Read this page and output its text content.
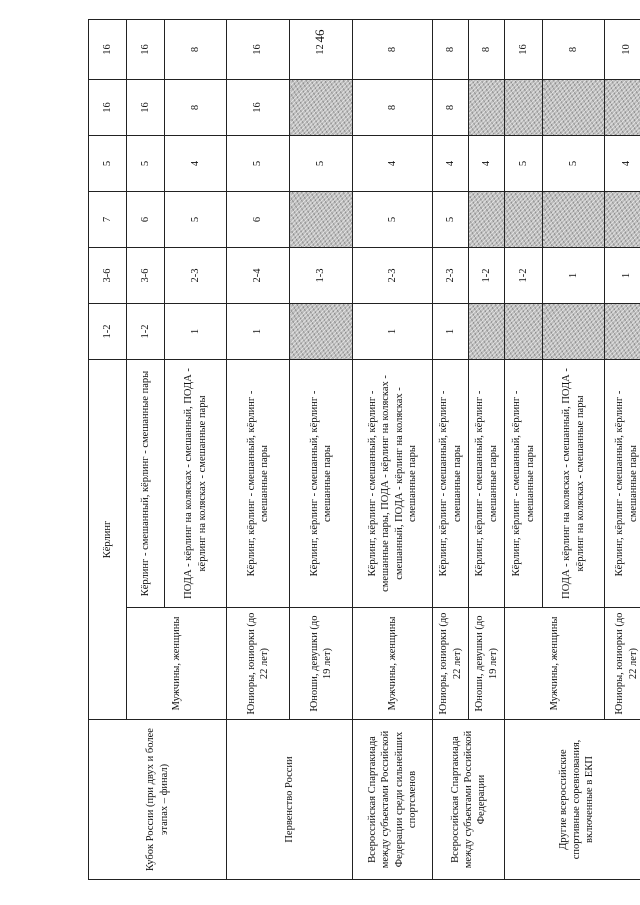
46
Кубок России (при двух и более этапах – финал)	Кёрлинг		1-2	3-6	7	5	16	16
	Мужчины, женщины	Кёрлинг - смешанный, кёрлинг - смешанные пары	1-2	3-6	6	5	16	16
		ПОДА - кёрлинг на колясках - смешанный, ПОДА - кёрлинг на колясках - смешанные пары	1	2-3	5	4	8	8
Первенство России	Юниоры, юниорки (до 22 лет)	Кёрлинг, кёрлинг - смешанный, кёрлинг - смешанные пары	1	2-4	6	5	16	16
	Юноши, девушки (до 19 лет)	Кёрлинг, кёрлинг - смешанный, кёрлинг - смешанные пары		1-3		5		12
Всероссийская Спартакиада между субъектами Российской Федерации среди сильнейших спортсменов	Мужчины, женщины	Кёрлинг, кёрлинг - смешанный, кёрлинг - смешанные пары, ПОДА - кёрлинг на колясках - смешанный, ПОДА - кёрлинг на колясках - смешанные пары	1	2-3	5	4	8	8
Всероссийская Спартакиада между субъектами Российской Федерации	Юниоры, юниорки (до 22 лет)	Кёрлинг, кёрлинг - смешанный, кёрлинг - смешанные пары	1	2-3	5	4	8	8
	Юноши, девушки (до 19 лет)	Кёрлинг, кёрлинг - смешанный, кёрлинг - смешанные пары		1-2		4		8
Другие всероссийские спортивные соревнования, включенные в ЕКП	Мужчины, женщины	Кёрлинг, кёрлинг - смешанный, кёрлинг - смешанные пары		1-2		5		16
		ПОДА - кёрлинг на колясках - смешанный, ПОДА - кёрлинг на колясках - смешанные пары		1		5		8
	Юниоры, юниорки (до 22 лет)	Кёрлинг, кёрлинг - смешанный, кёрлинг - смешанные пары		1		4		10
